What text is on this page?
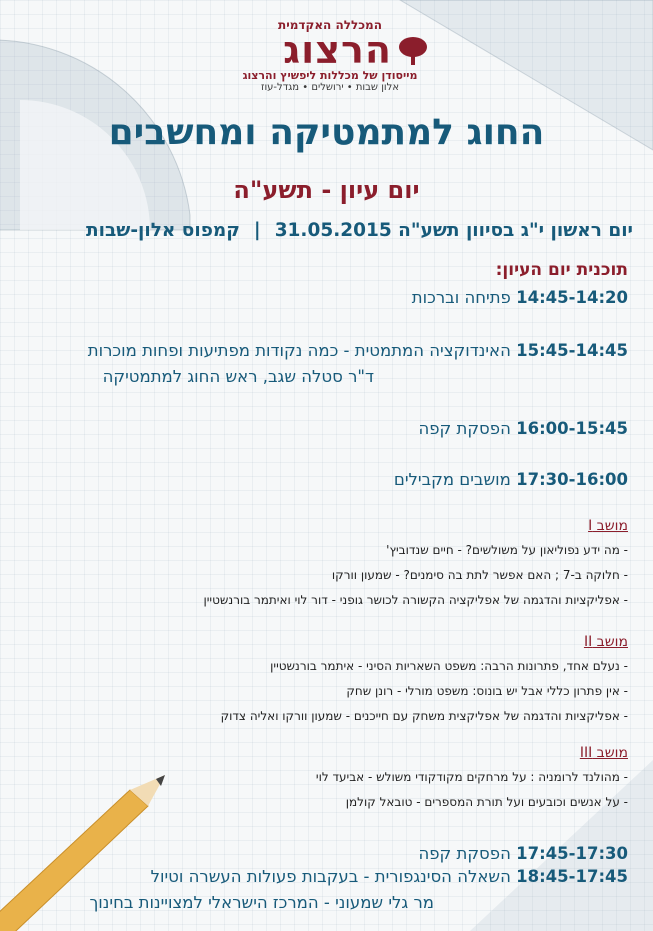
המכללה האקדמית
הרצוג
מייסודן של מכללות ליפשיץ והרצוג
אלון שבות • ירושלים • מגדל-עוז
החוג למתמטיקה ומחשבים
יום עיון - תשע"ה
יום ראשון י"ג בסיוון תשע"ה 31.05.2015|קמפוס אלון-שבות
תוכנית יום העיון:
14:45-14:20 פתיחה וברכות
15:45-14:45 האינדוקציה המתמטית - כמה נקודות מפתיעות ופחות מוכרות
ד"ר סטלה שגב, ראש החוג למתמטיקה
16:00-15:45 הפסקת קפה
17:30-16:00 מושבים מקבילים
מושב I
- מה ידע נפוליאון על משולשים? - חיים שנדוביץ'
- חלוקה ב-7 ; האם אפשר לתת בה סימנים? - שמעון וורקו
- אפליקציות והדגמה של אפליקציה הקשורה לכושר גופני - דור לוי ואיתמר בורנשטיין
מושב II
- נעלם אחד, פתרונות הרבה: משפט השאריות הסיני - איתמר בורנשטיין
- אין פתרון כללי אבל יש בונוס: משפט מורלי - רונן שחק
- אפליקציות והדגמה של אפליקצית משחק עם חייכנים - שמעון וורקו ואליה צדוק
מושב III
- מהולנד לרומניה : על מרחקים מקודקודי משולש - אביעד לוי
- על אנשים וכובעים ועל תורת המספרים - טובאל קולמן
17:45-17:30 הפסקת קפה
18:45-17:45 השאלה הסינגפורית - בעקבות פעולות העשרה וטיול
מר גלי שמעוני - המרכז הישראלי למצויינות בחינוך
